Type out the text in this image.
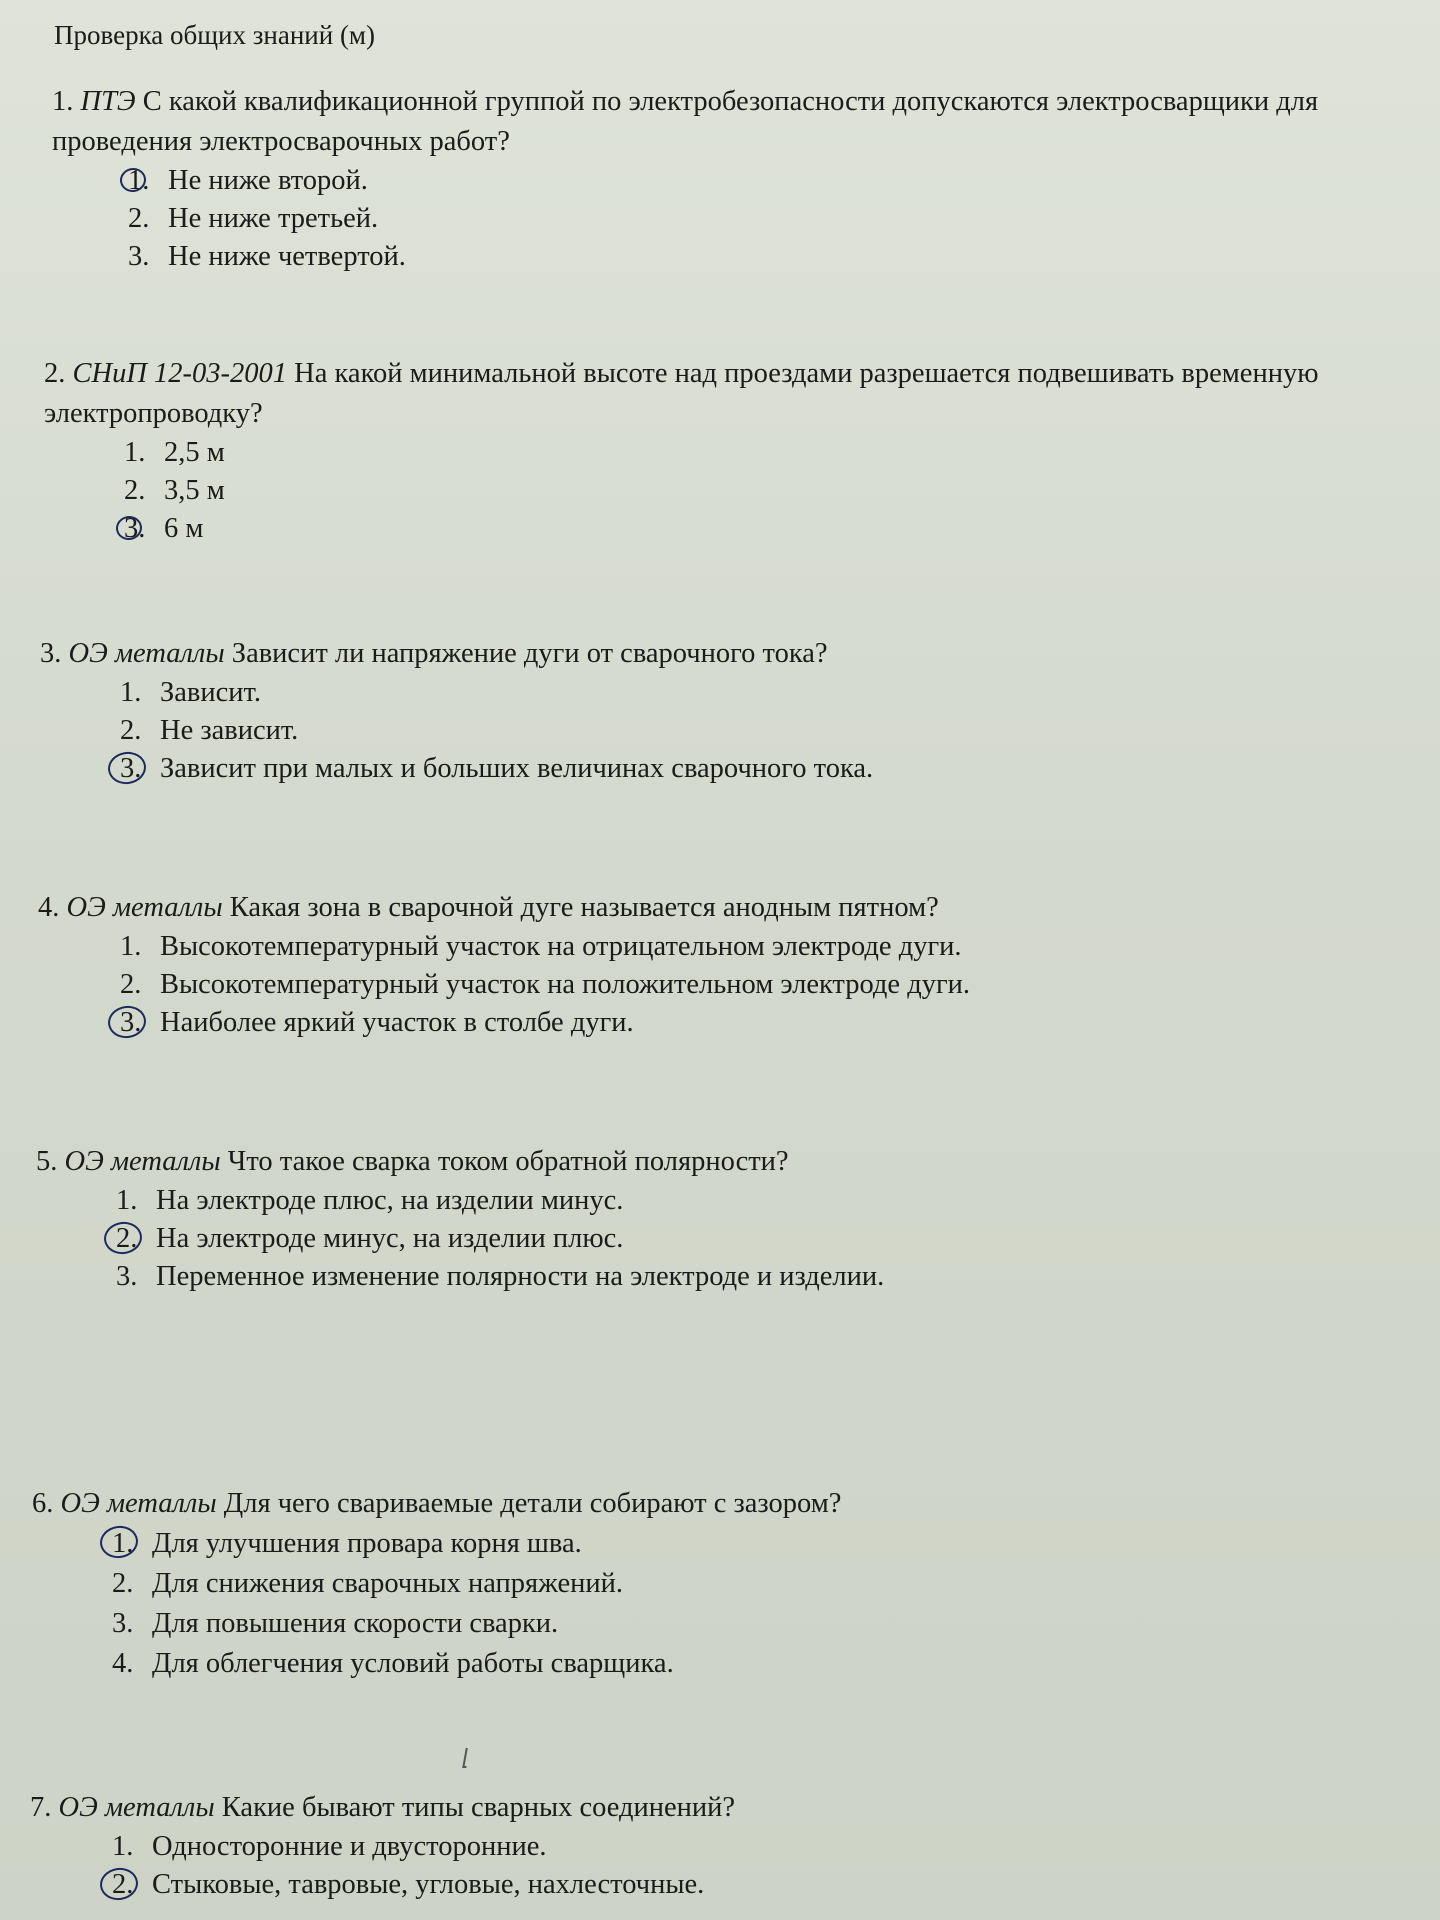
Проверка общих знаний (м)
1. ПТЭ С какой квалификационной группой по электробезопасности допускаются электросварщики для проведения электросварочных работ?
1. Не ниже второй.
2. Не ниже третьей.
3. Не ниже четвертой.
2. СНиП 12-03-2001 На какой минимальной высоте над проездами разрешается подвешивать временную электропроводку?
1. 2,5 м
2. 3,5 м
3. 6 м
3. ОЭ металлы Зависит ли напряжение дуги от сварочного тока?
1. Зависит.
2. Не зависит.
3. Зависит при малых и больших величинах сварочного тока.
4. ОЭ металлы Какая зона в сварочной дуге называется анодным пятном?
1. Высокотемпературный участок на отрицательном электроде дуги.
2. Высокотемпературный участок на положительном электроде дуги.
3. Наиболее яркий участок в столбе дуги.
5. ОЭ металлы Что такое сварка током обратной полярности?
1. На электроде плюс, на изделии минус.
2. На электроде минус, на изделии плюс.
3. Переменное изменение полярности на электроде и изделии.
6. ОЭ металлы Для чего свариваемые детали собирают с зазором?
1. Для улучшения провара корня шва.
2. Для снижения сварочных напряжений.
3. Для повышения скорости сварки.
4. Для облегчения условий работы сварщика.
7. ОЭ металлы Какие бывают типы сварных соединений?
1. Односторонние и двусторонние.
2. Стыковые, тавровые, угловые, нахлесточные.
